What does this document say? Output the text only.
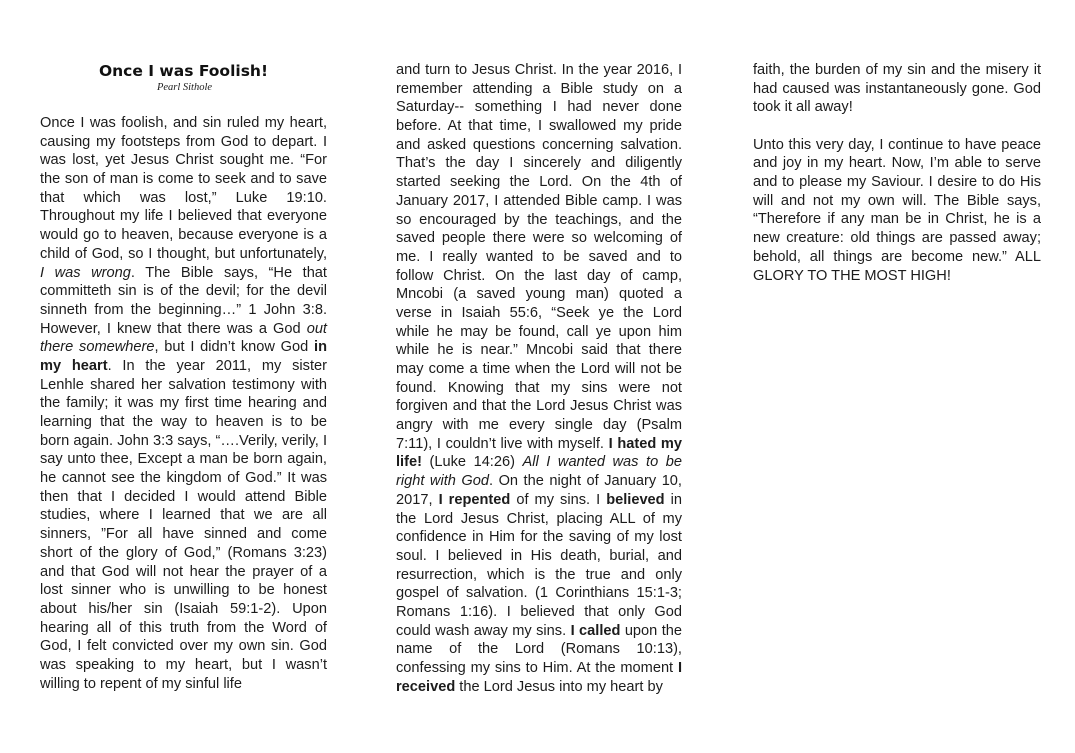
Once I was Foolish!
Pearl Sithole

Once I was foolish, and sin ruled my heart, causing my footsteps from God to depart. I was lost, yet Jesus Christ sought me. “For the son of man is come to seek and to save that which was lost,” Luke 19:10. Throughout my life I believed that everyone would go to heaven, because everyone is a child of God, so I thought, but unfortunately, I was wrong. The Bible says, “He that committeth sin is of the devil; for the devil sinneth from the beginning…” 1 John 3:8. However, I knew that there was a God out there somewhere, but I didn’t know God in my heart. In the year 2011, my sister Lenhle shared her salvation testimony with the family; it was my first time hearing and learning that the way to heaven is to be born again. John 3:3 says, “….Verily, verily, I say unto thee, Except a man be born again, he cannot see the kingdom of God.” It was then that I decided I would attend Bible studies, where I learned that we are all sinners, ”For all have sinned and come short of the glory of God,” (Romans 3:23) and that God will not hear the prayer of a lost sinner who is unwilling to be honest about his/her sin (Isaiah 59:1-2). Upon hearing all of this truth from the Word of God, I felt convicted over my own sin. God was speaking to my heart, but I wasn’t willing to repent of my sinful life

and turn to Jesus Christ. In the year 2016, I remember attending a Bible study on a Saturday-- something I had never done before. At that time, I swallowed my pride and asked questions concerning salvation. That’s the day I sincerely and diligently started seeking the Lord. On the 4th of January 2017, I attended Bible camp. I was so encouraged by the teachings, and the saved people there were so welcoming of me. I really wanted to be saved and to follow Christ. On the last day of camp, Mncobi (a saved young man) quoted a verse in Isaiah 55:6, “Seek ye the Lord while he may be found, call ye upon him while he is near.” Mncobi said that there may come a time when the Lord will not be found. Knowing that my sins were not forgiven and that the Lord Jesus Christ was angry with me every single day (Psalm 7:11), I couldn’t live with myself. I hated my life! (Luke 14:26) All I wanted was to be right with God. On the night of January 10, 2017, I repented of my sins. I believed in the Lord Jesus Christ, placing ALL of my confidence in Him for the saving of my lost soul. I believed in His death, burial, and resurrection, which is the true and only gospel of salvation. (1 Corinthians 15:1-3; Romans 1:16). I believed that only God could wash away my sins. I called upon the name of the Lord (Romans 10:13), confessing my sins to Him. At the moment I received the Lord Jesus into my heart by

faith, the burden of my sin and the misery it had caused was instantaneously gone. God took it all away!

Unto this very day, I continue to have peace and joy in my heart. Now, I’m able to serve and to please my Saviour. I desire to do His will and not my own will. The Bible says, “Therefore if any man be in Christ, he is a new creature: old things are passed away; behold, all things are become new.” ALL GLORY TO THE MOST HIGH!
